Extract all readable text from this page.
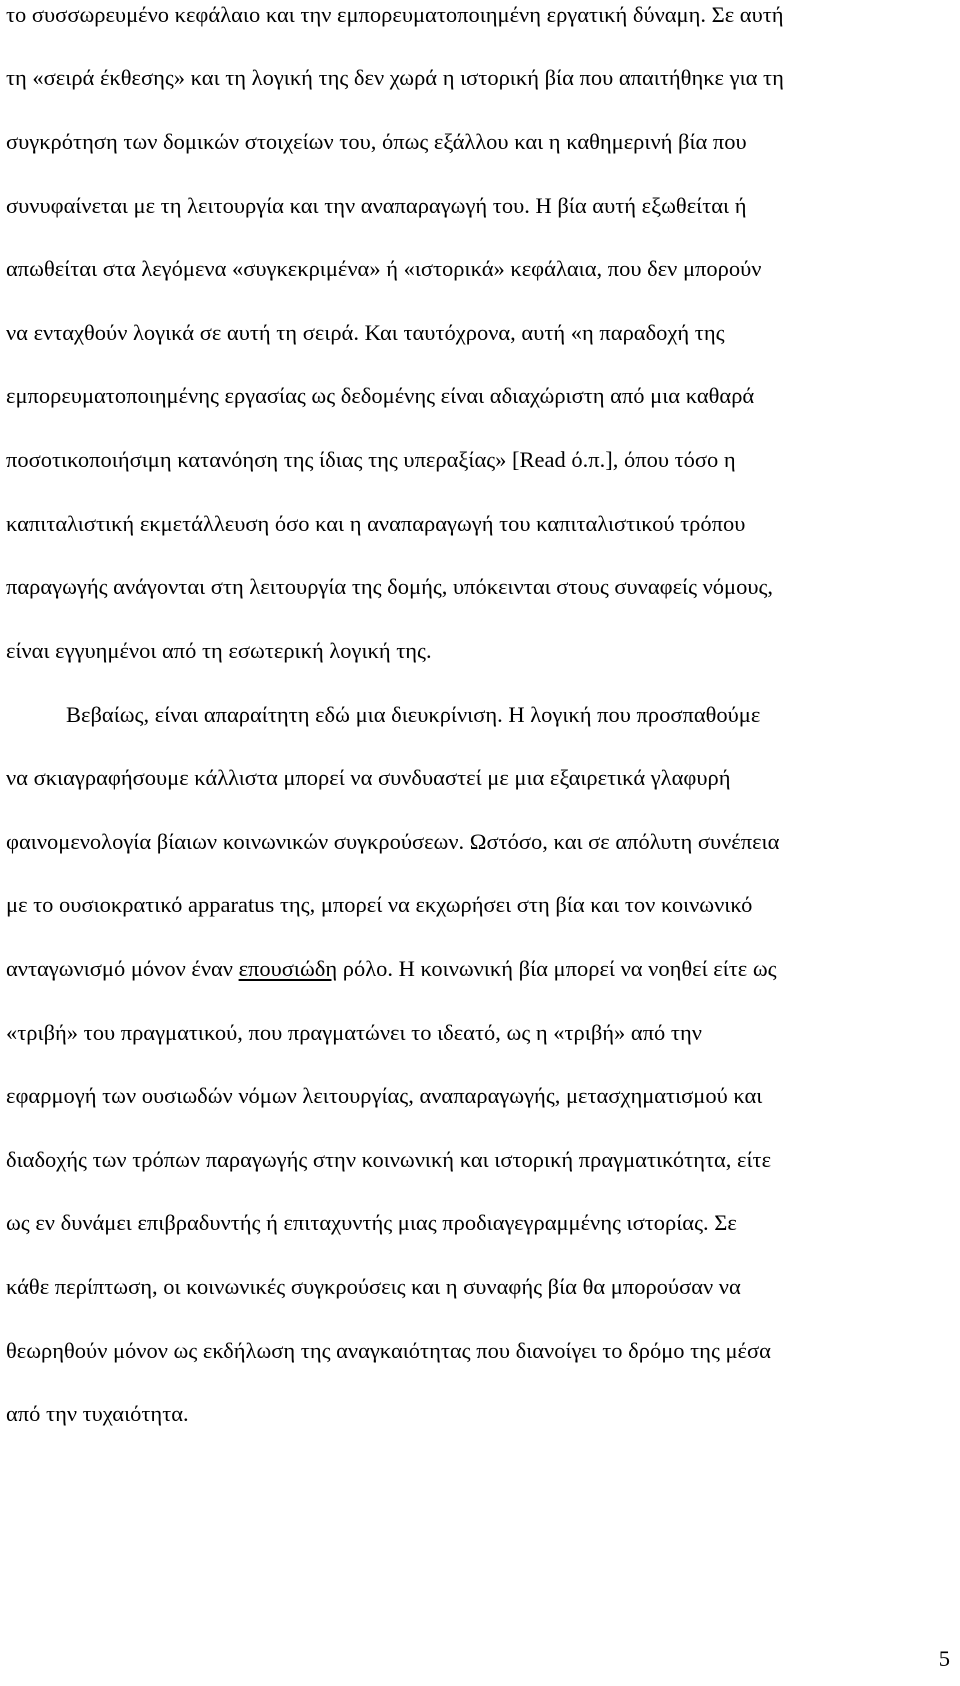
το συσσωρευμένο κεφάλαιο και την εμπορευματοποιημένη εργατική δύναμη. Σε αυτή
τη «σειρά έκθεσης» και τη λογική της δεν χωρά η ιστορική βία που απαιτήθηκε για τη
συγκρότηση των δομικών στοιχείων του, όπως εξάλλου και η καθημερινή βία που
συνυφαίνεται με τη λειτουργία και την αναπαραγωγή του. Η βία αυτή εξωθείται ή
απωθείται στα λεγόμενα «συγκεκριμένα» ή «ιστορικά» κεφάλαια, που δεν μπορούν
να ενταχθούν λογικά σε αυτή τη σειρά. Και ταυτόχρονα, αυτή «η παραδοχή της
εμπορευματοποιημένης εργασίας ως δεδομένης είναι αδιαχώριστη από μια καθαρά
ποσοτικοποιήσιμη κατανόηση της ίδιας της υπεραξίας» [Read ό.π.], όπου τόσο η
καπιταλιστική εκμετάλλευση όσο και η αναπαραγωγή του καπιταλιστικού τρόπου
παραγωγής ανάγονται στη λειτουργία της δομής, υπόκεινται στους συναφείς νόμους,
είναι εγγυημένοι από τη εσωτερική λογική της.
Βεβαίως, είναι απαραίτητη εδώ μια διευκρίνιση. Η λογική που προσπαθούμε
να σκιαγραφήσουμε κάλλιστα μπορεί να συνδυαστεί με μια εξαιρετικά γλαφυρή
φαινομενολογία βίαιων κοινωνικών συγκρούσεων. Ωστόσο, και σε απόλυτη συνέπεια
με το ουσιοκρατικό apparatus της, μπορεί να εκχωρήσει στη βία και τον κοινωνικό
ανταγωνισμό μόνον έναν επουσιώδη ρόλο. Η κοινωνική βία μπορεί να νοηθεί είτε ως
«τριβή» του πραγματικού, που πραγματώνει το ιδεατό, ως η «τριβή» από την
εφαρμογή των ουσιωδών νόμων λειτουργίας, αναπαραγωγής, μετασχηματισμού και
διαδοχής των τρόπων παραγωγής στην κοινωνική και ιστορική πραγματικότητα, είτε
ως εν δυνάμει επιβραδυντής ή επιταχυντής μιας προδιαγεγραμμένης ιστορίας. Σε
κάθε περίπτωση, οι κοινωνικές συγκρούσεις και η συναφής βία θα μπορούσαν να
θεωρηθούν μόνον ως εκδήλωση της αναγκαιότητας που διανοίγει το δρόμο της μέσα
από την τυχαιότητα.
5
